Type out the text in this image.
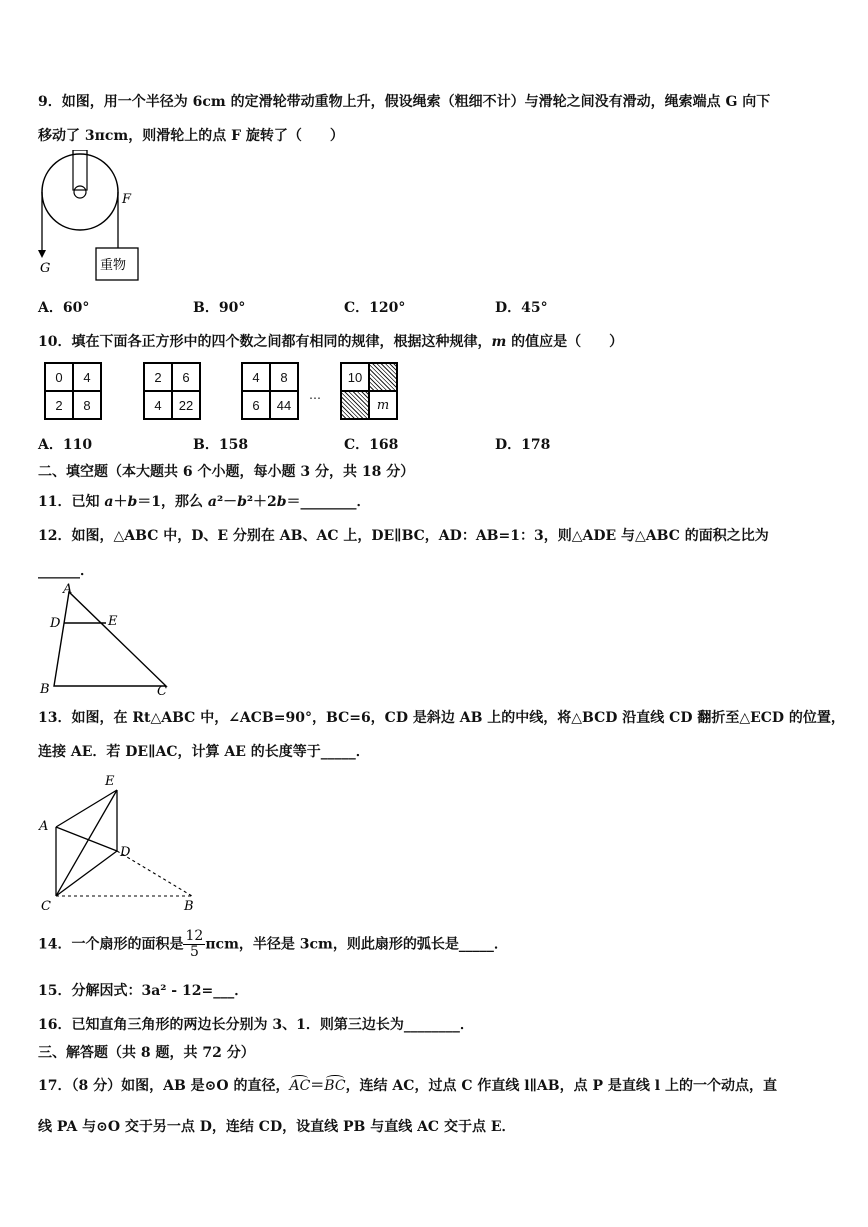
9．如图，用一个半径为 6cm 的定滑轮带动重物上升，假设绳索（粗细不计）与滑轮之间没有滑动，绳索端点 G 向下
移动了 3πcm，则滑轮上的点 F 旋转了（　　）
F
G	重物
A．60°	B．90°	C．120°	D．45°
10．填在下面各正方形中的四个数之间都有相同的规律，根据这种规律，m 的值应是（　　）
0	4
2	8
2	6
4	22
4	8
6	44
…
10
m
A．110	B．158	C．168	D．178
二、填空题（本大题共 6 个小题，每小题 3 分，共 18 分）
11．已知 a＋b＝1，那么 a²－b²＋2b＝________．
12．如图，△ABC 中，D、E 分别在 AB、AC 上，DE∥BC，AD：AB=1：3，则△ADE 与△ABC 的面积之比为
______．
A
D	E
B	C
13．如图，在 Rt△ABC 中，∠ACB=90°，BC=6，CD 是斜边 AB 上的中线，将△BCD 沿直线 CD 翻折至△ECD 的位置，
连接 AE．若 DE∥AC，计算 AE 的长度等于_____．
E
A
D
C	B
14．一个扇形的面积是 $\frac{12}{5}$ πcm，半径是 3cm，则此扇形的弧长是_____．
15．分解因式：3a² - 12=___．
16．已知直角三角形的两边长分别为 3、1．则第三边长为________．
三、解答题（共 8 题，共 72 分）
17．（8 分）如图，AB 是⊙O 的直径，AC＝BC，连结 AC，过点 C 作直线 l∥AB，点 P 是直线 l 上的一个动点，直
线 PA 与⊙O 交于另一点 D，连结 CD，设直线 PB 与直线 AC 交于点 E．
